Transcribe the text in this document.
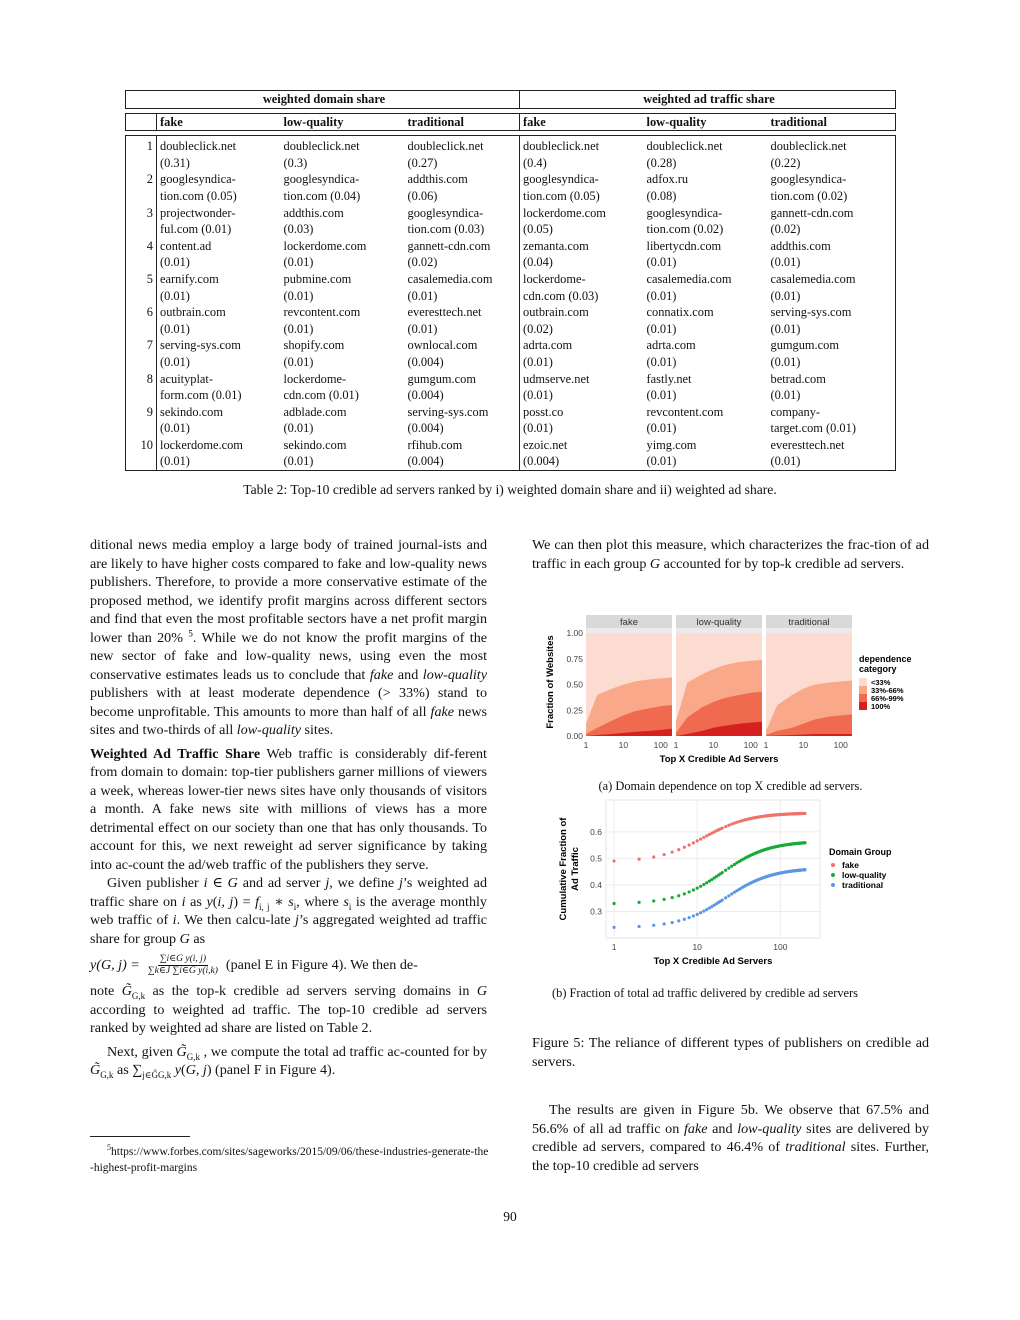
weighted domain share				weighted ad traffic share		

	fake	low-quality	traditional	fake	low-quality	traditional

1	doubleclick.net	doubleclick.net	doubleclick.net	doubleclick.net	doubleclick.net	doubleclick.net
	(0.31)	(0.3)	(0.27)	(0.4)	(0.28)	(0.22)
2	googlesyndica-	googlesyndica-	addthis.com	googlesyndica-	adfox.ru	googlesyndica-
	tion.com (0.05)	tion.com (0.04)	(0.06)	tion.com (0.05)	(0.08)	tion.com (0.02)
3	projectwonder-	addthis.com	googlesyndica-	lockerdome.com	googlesyndica-	gannett-cdn.com
	ful.com (0.01)	(0.03)	tion.com (0.03)	(0.05)	tion.com (0.02)	(0.02)
4	content.ad	lockerdome.com	gannett-cdn.com	zemanta.com	libertycdn.com	addthis.com
	(0.01)	(0.01)	(0.02)	(0.04)	(0.01)	(0.01)
5	earnify.com	pubmine.com	casalemedia.com	lockerdome-	casalemedia.com	casalemedia.com
	(0.01)	(0.01)	(0.01)	cdn.com (0.03)	(0.01)	(0.01)
6	outbrain.com	revcontent.com	everesttech.net	outbrain.com	connatix.com	serving-sys.com
	(0.01)	(0.01)	(0.01)	(0.02)	(0.01)	(0.01)
7	serving-sys.com	shopify.com	ownlocal.com	adrta.com	adrta.com	gumgum.com
	(0.01)	(0.01)	(0.004)	(0.01)	(0.01)	(0.01)
8	acuityplat-	lockerdome-	gumgum.com	udmserve.net	fastly.net	betrad.com
	form.com (0.01)	cdn.com (0.01)	(0.004)	(0.01)	(0.01)	(0.01)
9	sekindo.com	adblade.com	serving-sys.com	posst.co	revcontent.com	company-
	(0.01)	(0.01)	(0.004)	(0.01)	(0.01)	target.com (0.01)
10	lockerdome.com	sekindo.com	rfihub.com	ezoic.net	yimg.com	everesttech.net
	(0.01)	(0.01)	(0.004)	(0.004)	(0.01)	(0.01)
Table 2: Top-10 credible ad servers ranked by i) weighted domain share and ii) weighted ad share.

ditional news media employ a large body of trained journal-ists and are likely to have higher costs compared to fake and low-quality news publishers. Therefore, to provide a more conservative estimate of the proposed method, we identify profit margins across different sectors and find that even the most profitable sectors have a net profit margin lower than 20% $^5$. While we do not know the profit margins of the new sector of fake and low-quality news, using even the most conservative estimates leads us to conclude that fake and low-quality publishers with at least moderate dependence (> 33%) stand to become unprofitable. This amounts to more than half of all fake news sites and two-thirds of all low-quality sites.

Weighted Ad Traffic Share Web traffic is considerably dif-ferent from domain to domain: top-tier publishers garner millions of viewers a week, whereas lower-tier news sites have only thousands of visitors a month. A fake news site with millions of views has a more detrimental effect on our society than one that has only thousands. To account for this, we next reweight ad server significance by taking into ac-count the ad/web traffic of the publishers they serve.

Given publisher i ∈ G and ad server j, we define j’s weighted ad traffic share on i as y(i, $j) = f_{i, j}$ ∗ $s_i$, where $s_i$ is the average monthly web traffic of i. We then calcu-late j’s aggregated weighted ad traffic share for group G as

y(G, $j) = \frac{\text{∑i∈G y(i, j)}}{\text{∑k∈J ∑i∈G y(i,k)}}$ (panel E in Figure 4). We then de-

note $G̃_{G,k}$ as the top-k credible ad servers serving domains in G according to weighted ad traffic. The top-10 credible ad servers ranked by weighted ad share are listed on Table 2.

Next, given $G̃_{G,k}$ , we compute the total ad traffic ac-counted for by $G̃_{G,k}$ as $\sum_{j\in G̃G,k}$ y(G, j) (panel F in Figure 4).

$^5$https://www.forbes.com/sites/sageworks/2015/09/06/these-industries-generate-the-highest-profit-margins

We can then plot this measure, which characterizes the frac-tion of ad traffic in each group G accounted for by top-k credible ad servers.

fake
1	10	100
low-quality
1	10	100
traditional
1	10	100
0.00
0.25
0.50
0.75
1.00
Fraction of Websites
Top X Credible Ad Servers
dependence
category
<33%
33%-66%
66%-99%
100%
(a) Domain dependence on top X credible ad servers.
0.3
0.4
0.5
0.6
1	10	100
Cumulative Fraction of Ad Traffic
Top X Credible Ad Servers
Domain Group
fake
low-quality
traditional
(b) Fraction of total ad traffic delivered by credible ad servers
Figure 5: The reliance of different types of publishers on credible ad servers.

The results are given in Figure 5b. We observe that 67.5% and 56.6% of all ad traffic on fake and low-quality sites are delivered by credible ad servers, compared to 46.4% of traditional sites. Further, the top-10 credible ad servers

90
